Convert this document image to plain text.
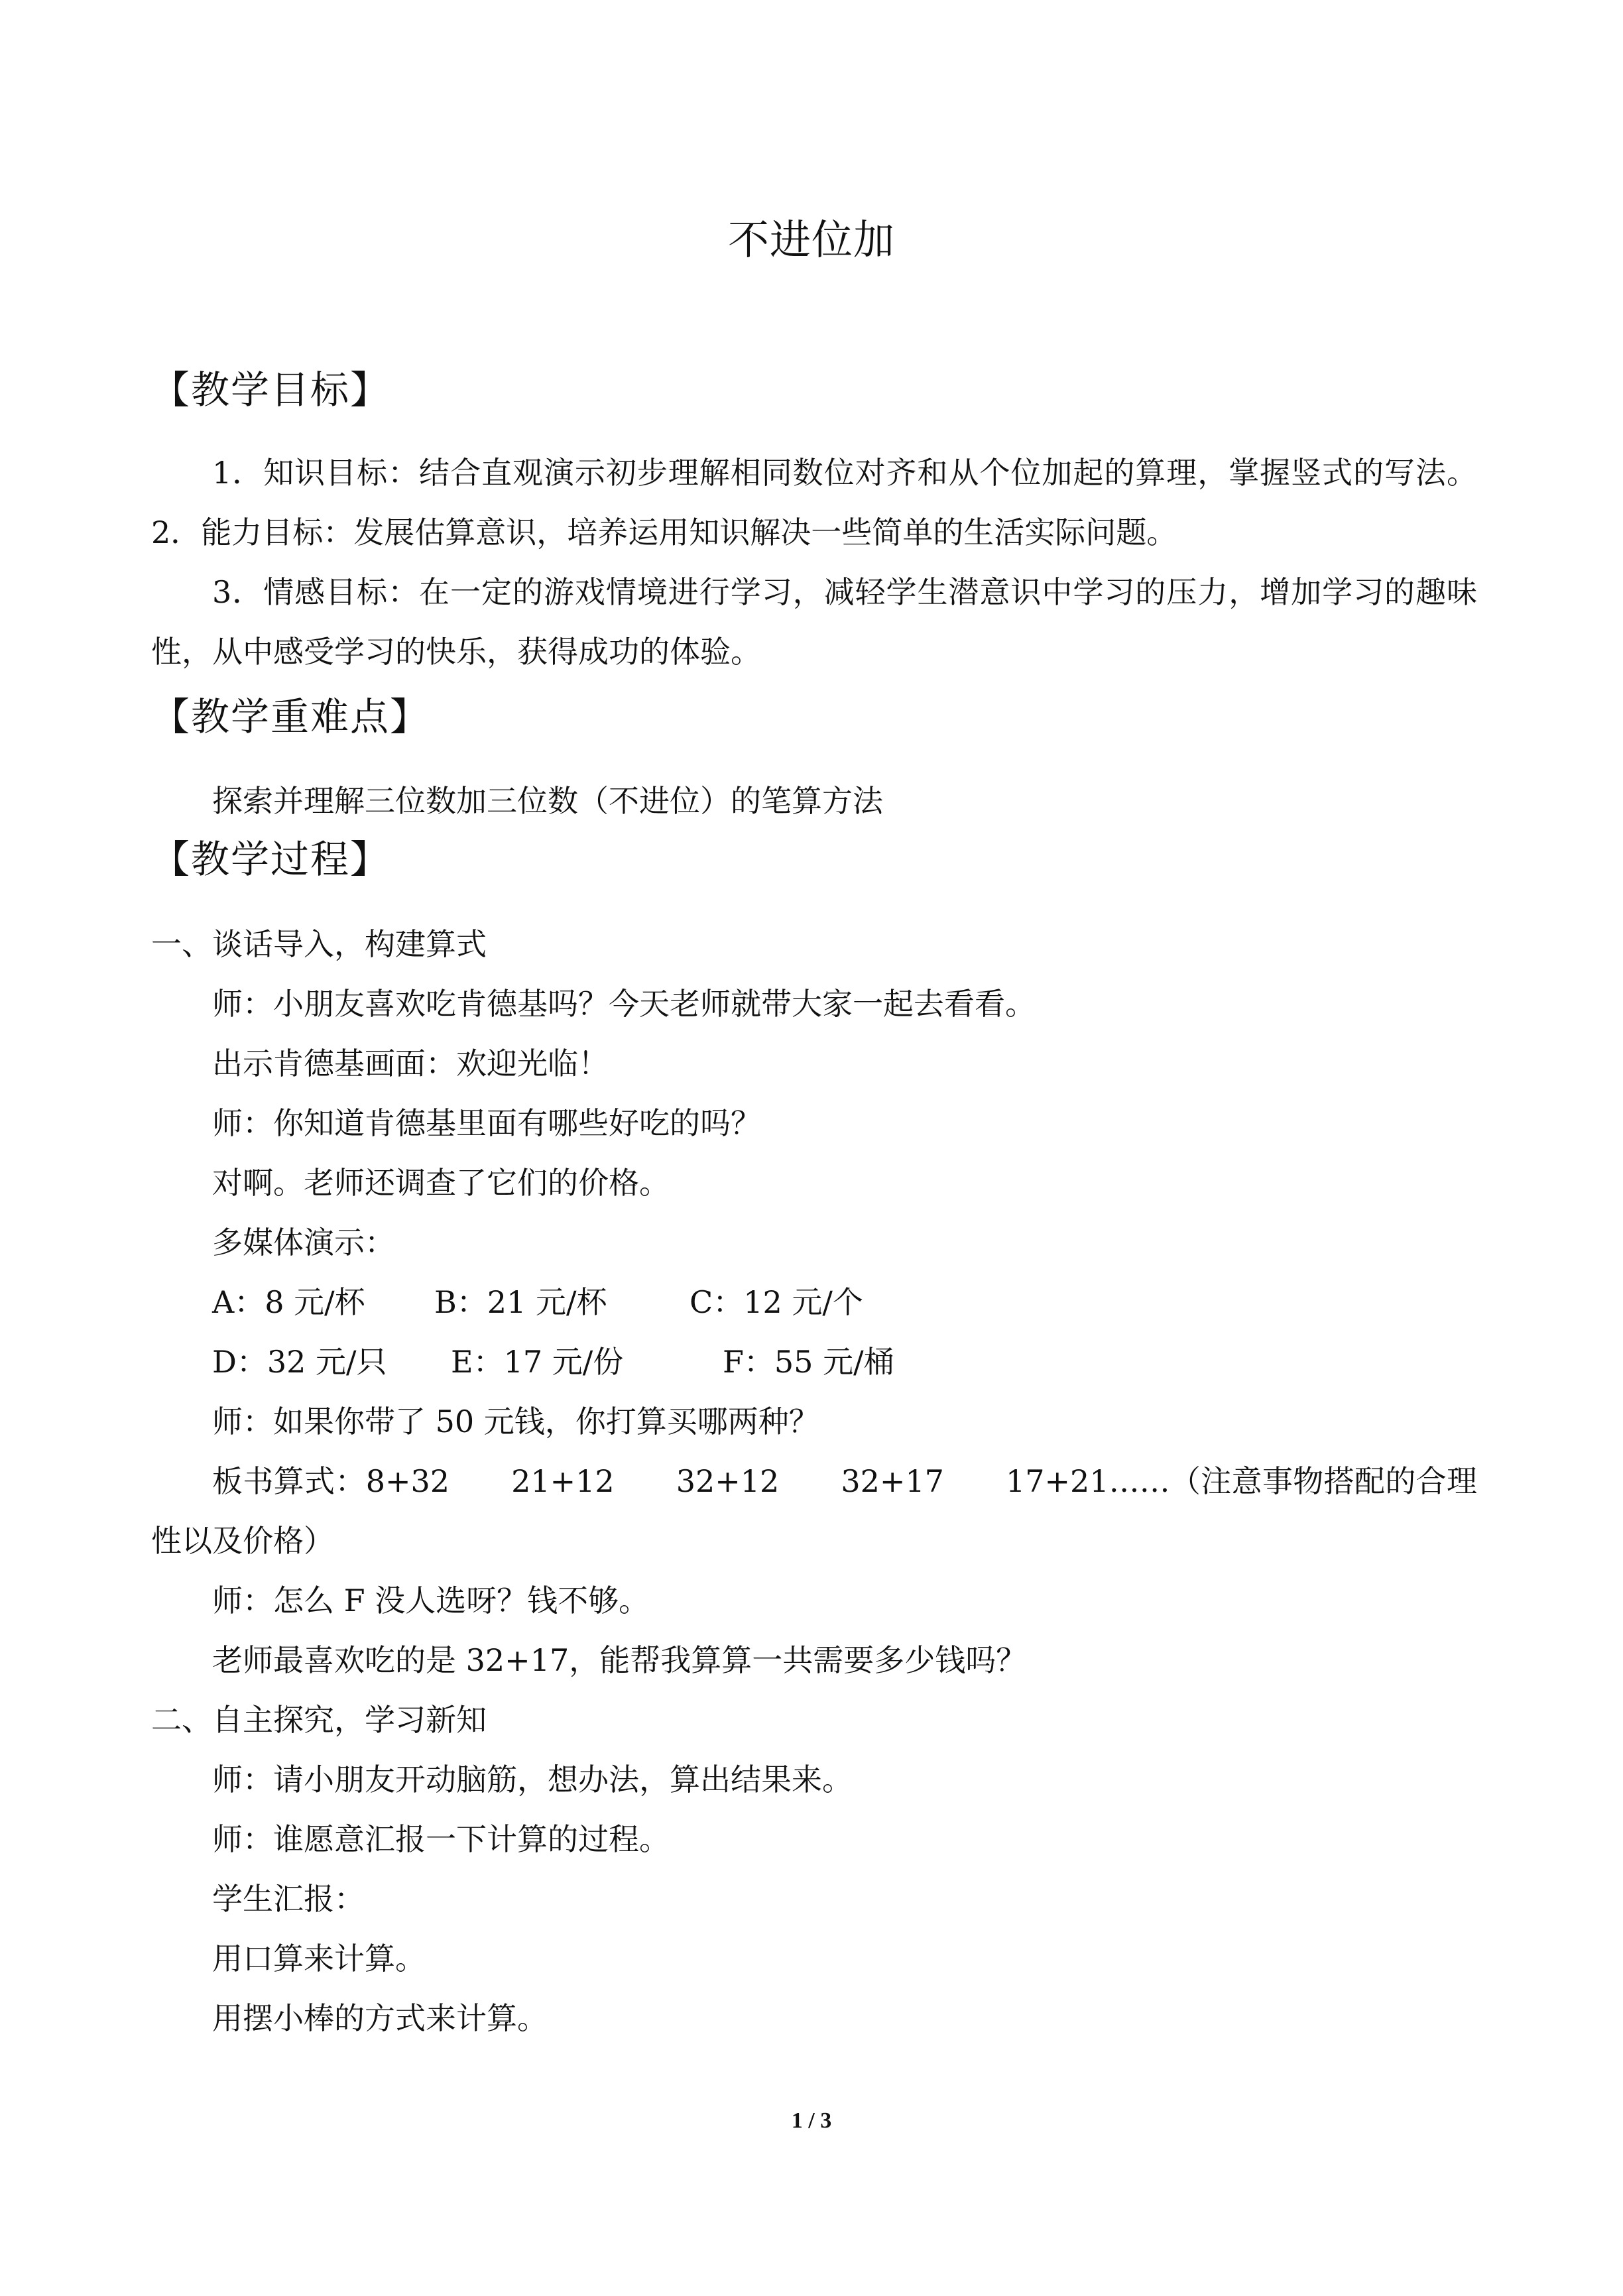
不进位加
【教学目标】
1．知识目标：结合直观演示初步理解相同数位对齐和从个位加起的算理，掌握竖式的写法。2．能力目标：发展估算意识，培养运用知识解决一些简单的生活实际问题。
3．情感目标：在一定的游戏情境进行学习，减轻学生潜意识中学习的压力，增加学习的趣味性，从中感受学习的快乐，获得成功的体验。
【教学重难点】
探索并理解三位数加三位数（不进位）的笔算方法
【教学过程】
一、谈话导入，构建算式
师：小朋友喜欢吃肯德基吗？今天老师就带大家一起去看看。
出示肯德基画面：欢迎光临！
师：你知道肯德基里面有哪些好吃的吗？
对啊。老师还调查了它们的价格。
多媒体演示：
A：8 元/杯 B：21 元/杯	C：12 元/个
D：32 元/只 E：17 元/份	F：55 元/桶
师：如果你带了 50 元钱，你打算买哪两种？
板书算式：8+32　　21+12　　32+12　　32+17　　17+21……（注意事物搭配的合理性以及价格）
师：怎么 F 没人选呀？钱不够。
老师最喜欢吃的是 32+17，能帮我算算一共需要多少钱吗？
二、自主探究，学习新知
师：请小朋友开动脑筋，想办法，算出结果来。
师：谁愿意汇报一下计算的过程。
学生汇报：
用口算来计算。
用摆小棒的方式来计算。
1 / 3
